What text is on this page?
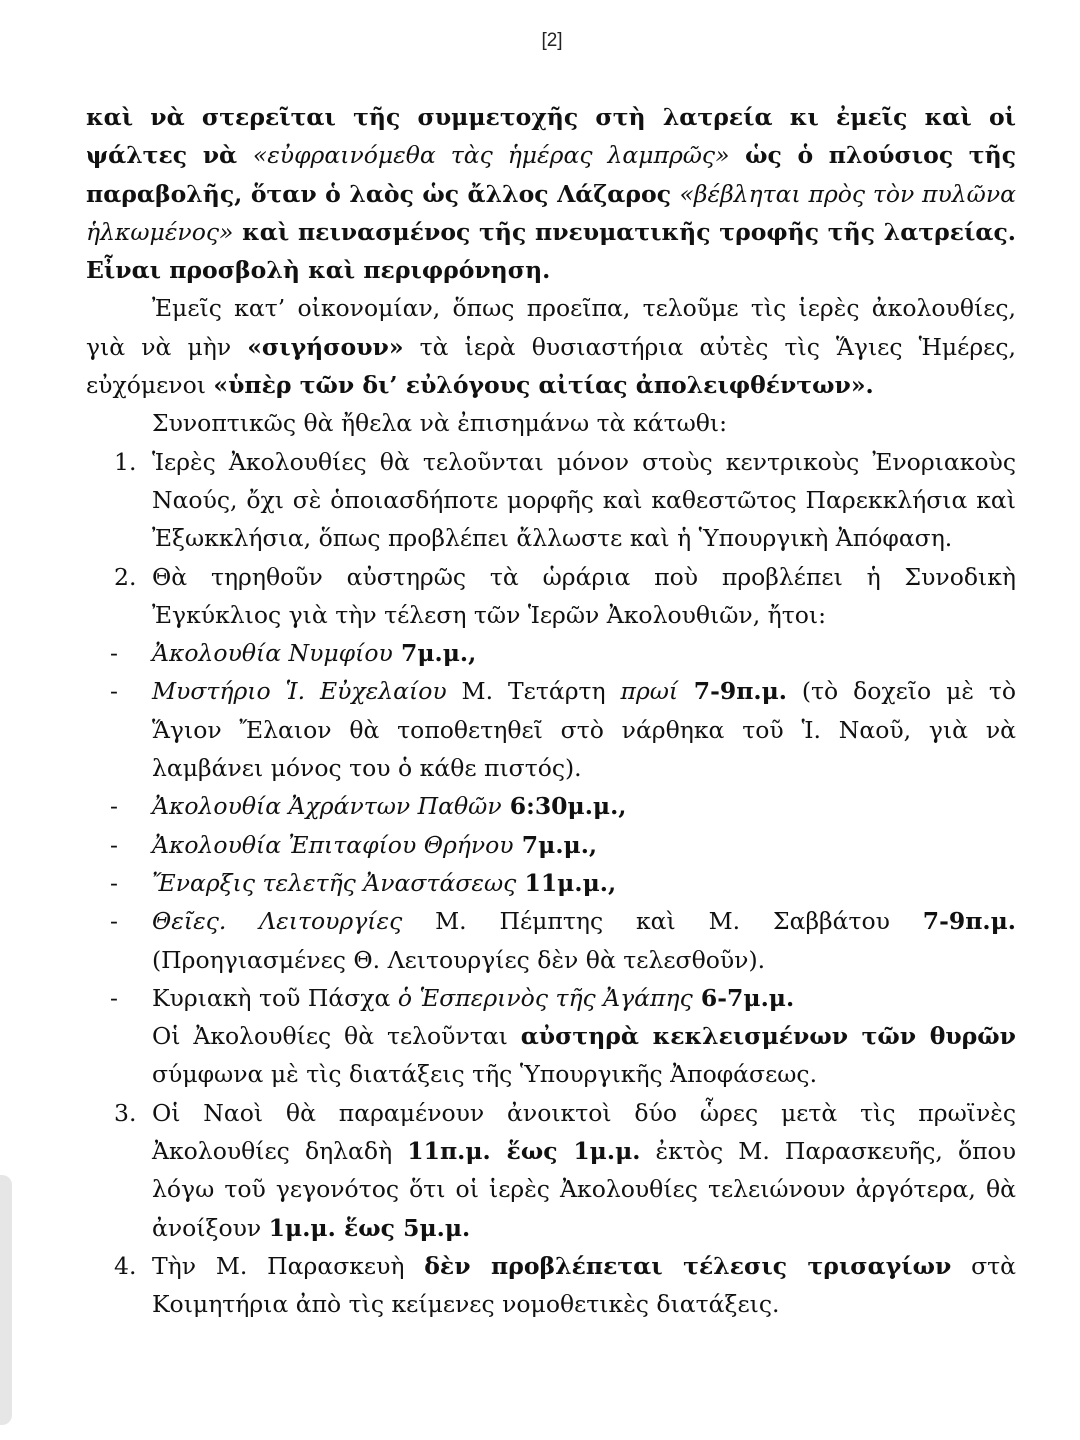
[2]

καὶ νὰ στερεῖται τῆς συμμετοχῆς στὴ λατρεία κι ἐμεῖς καὶ οἱ ψάλτες νὰ «εὐφραινόμεθα τὰς ἡμέρας λαμπρῶς» ὡς ὁ πλούσιος τῆς παραβολῆς, ὅταν ὁ λαὸς ὡς ἄλλος Λάζαρος «βέβληται πρὸς τὸν πυλῶνα ἡλκωμένος» καὶ πεινασμένος τῆς πνευματικῆς τροφῆς τῆς λατρείας. Εἶναι προσβολὴ καὶ περιφρόνηση.

Ἐμεῖς κατ’ οἰκονομίαν, ὅπως προεῖπα, τελοῦμε τὶς ἱερὲς ἀκολουθίες, γιὰ νὰ μὴν «σιγήσουν» τὰ ἱερὰ θυσιαστήρια αὐτὲς τὶς Ἅγιες Ἡμέρες, εὐχόμενοι «ὑπὲρ τῶν δι’ εὐλόγους αἰτίας ἀπολειφθέντων».

Συνοπτικῶς θὰ ἤθελα νὰ ἐπισημάνω τὰ κάτωθι:

1. Ἱερὲς Ἀκολουθίες θὰ τελοῦνται μόνον στοὺς κεντρικοὺς Ἐνοριακοὺς Ναούς, ὄχι σὲ ὁποιασδήποτε μορφῆς καὶ καθεστῶτος Παρεκκλήσια καὶ Ἐξωκκλήσια, ὅπως προβλέπει ἄλλωστε καὶ ἡ Ὑπουργικὴ Ἀπόφαση.
2. Θὰ τηρηθοῦν αὐστηρῶς τὰ ὡράρια ποὺ προβλέπει ἡ Συνοδικὴ Ἐγκύκλιος γιὰ τὴν τέλεση τῶν Ἱερῶν Ἀκολουθιῶν, ἤτοι:
- Ἀκολουθία Νυμφίου 7μ.μ.,
- Μυστήριο Ἱ. Εὐχελαίου Μ. Τετάρτη πρωί 7-9π.μ. (τὸ δοχεῖο μὲ τὸ Ἅγιον Ἔλαιον θὰ τοποθετηθεῖ στὸ νάρθηκα τοῦ Ἱ. Ναοῦ, γιὰ νὰ λαμβάνει μόνος του ὁ κάθε πιστός).
- Ἀκολουθία Ἀχράντων Παθῶν 6:30μ.μ.,
- Ἀκολουθία Ἐπιταφίου Θρήνου 7μ.μ.,
- Ἔναρξις τελετῆς Ἀναστάσεως 11μ.μ.,
- Θεῖες. Λειτουργίες Μ. Πέμπτης καὶ Μ. Σαββάτου 7-9π.μ. (Προηγιασμένες Θ. Λειτουργίες δὲν θὰ τελεσθοῦν).
- Κυριακὴ τοῦ Πάσχα ὁ Ἑσπερινὸς τῆς Ἀγάπης 6-7μ.μ.
Οἱ Ἀκολουθίες θὰ τελοῦνται αὐστηρὰ κεκλεισμένων τῶν θυρῶν σύμφωνα μὲ τὶς διατάξεις τῆς Ὑπουργικῆς Ἀποφάσεως.
3. Οἱ Ναοὶ θὰ παραμένουν ἀνοικτοὶ δύο ὧρες μετὰ τὶς πρωϊνὲς Ἀκολουθίες δηλαδὴ 11π.μ. ἕως 1μ.μ. ἐκτὸς Μ. Παρασκευῆς, ὅπου λόγω τοῦ γεγονότος ὅτι οἱ ἱερὲς Ἀκολουθίες τελειώνουν ἀργότερα, θὰ ἀνοίξουν 1μ.μ. ἕως 5μ.μ.
4. Τὴν Μ. Παρασκευὴ δὲν προβλέπεται τέλεσις τρισαγίων στὰ Κοιμητήρια ἀπὸ τὶς κείμενες νομοθετικὲς διατάξεις.
